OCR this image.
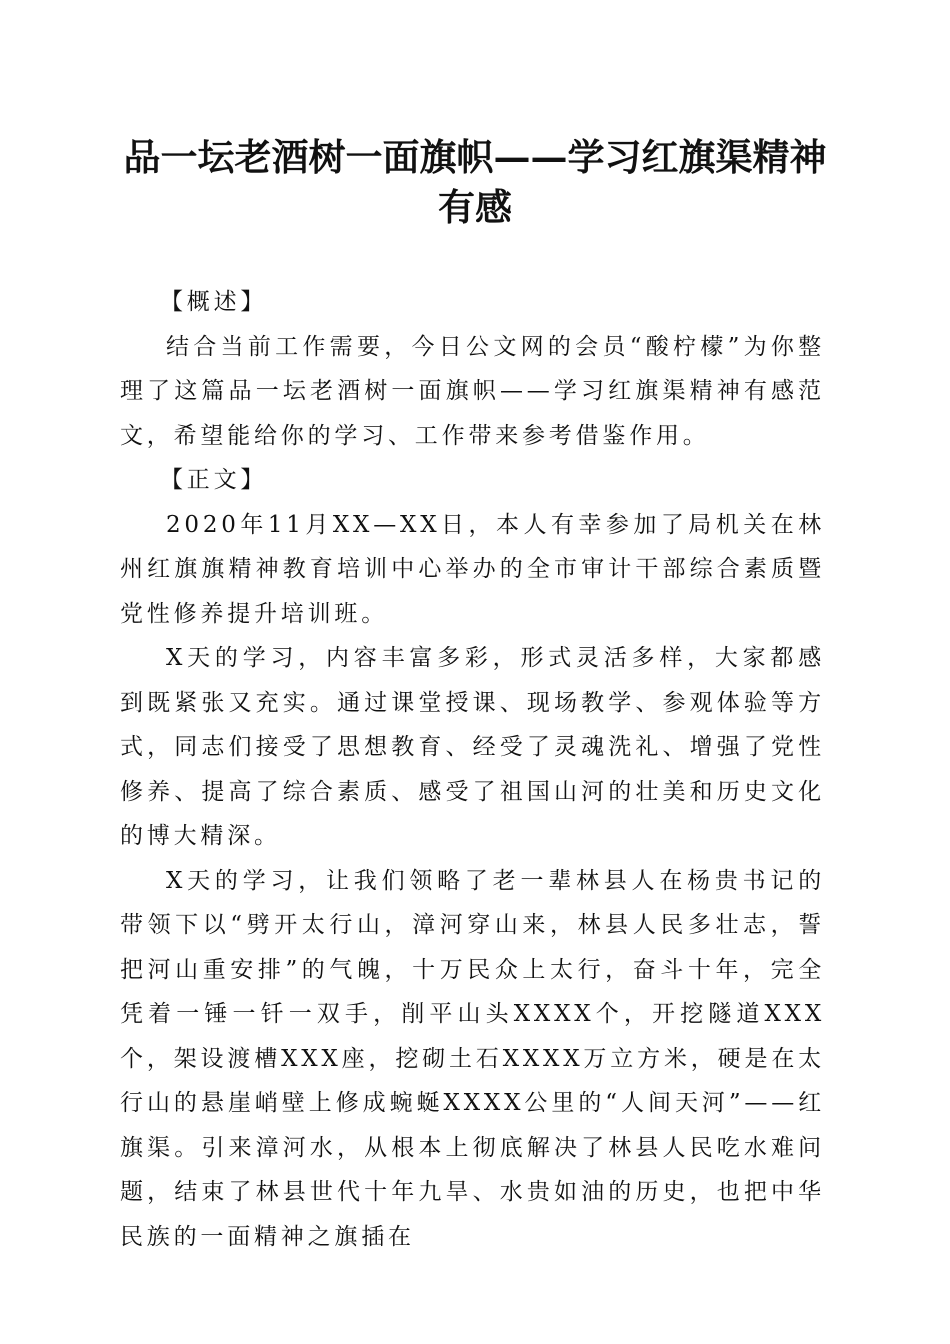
品一坛老酒树一面旗帜——学习红旗渠精神有感

【概述】

结合当前工作需要，今日公文网的会员“酸柠檬”为你整理了这篇品一坛老酒树一面旗帜——学习红旗渠精神有感范文，希望能给你的学习、工作带来参考借鉴作用。

【正文】

2020年11月XX—XX日，本人有幸参加了局机关在林州红旗旗精神教育培训中心举办的全市审计干部综合素质暨党性修养提升培训班。

X天的学习，内容丰富多彩，形式灵活多样，大家都感到既紧张又充实。通过课堂授课、现场教学、参观体验等方式，同志们接受了思想教育、经受了灵魂洗礼、增强了党性修养、提高了综合素质、感受了祖国山河的壮美和历史文化的博大精深。

X天的学习，让我们领略了老一辈林县人在杨贵书记的带领下以“劈开太行山，漳河穿山来，林县人民多壮志，誓把河山重安排”的气魄，十万民众上太行，奋斗十年，完全凭着一锤一钎一双手，削平山头XXXX个，开挖隧道XXX个，架设渡槽XXX座，挖砌土石XXXX万立方米，硬是在太行山的悬崖峭壁上修成蜿蜒XXXX公里的“人间天河”——红旗渠。引来漳河水，从根本上彻底解决了林县人民吃水难问题，结束了林县世代十年九旱、水贵如油的历史，也把中华民族的一面精神之旗插在
